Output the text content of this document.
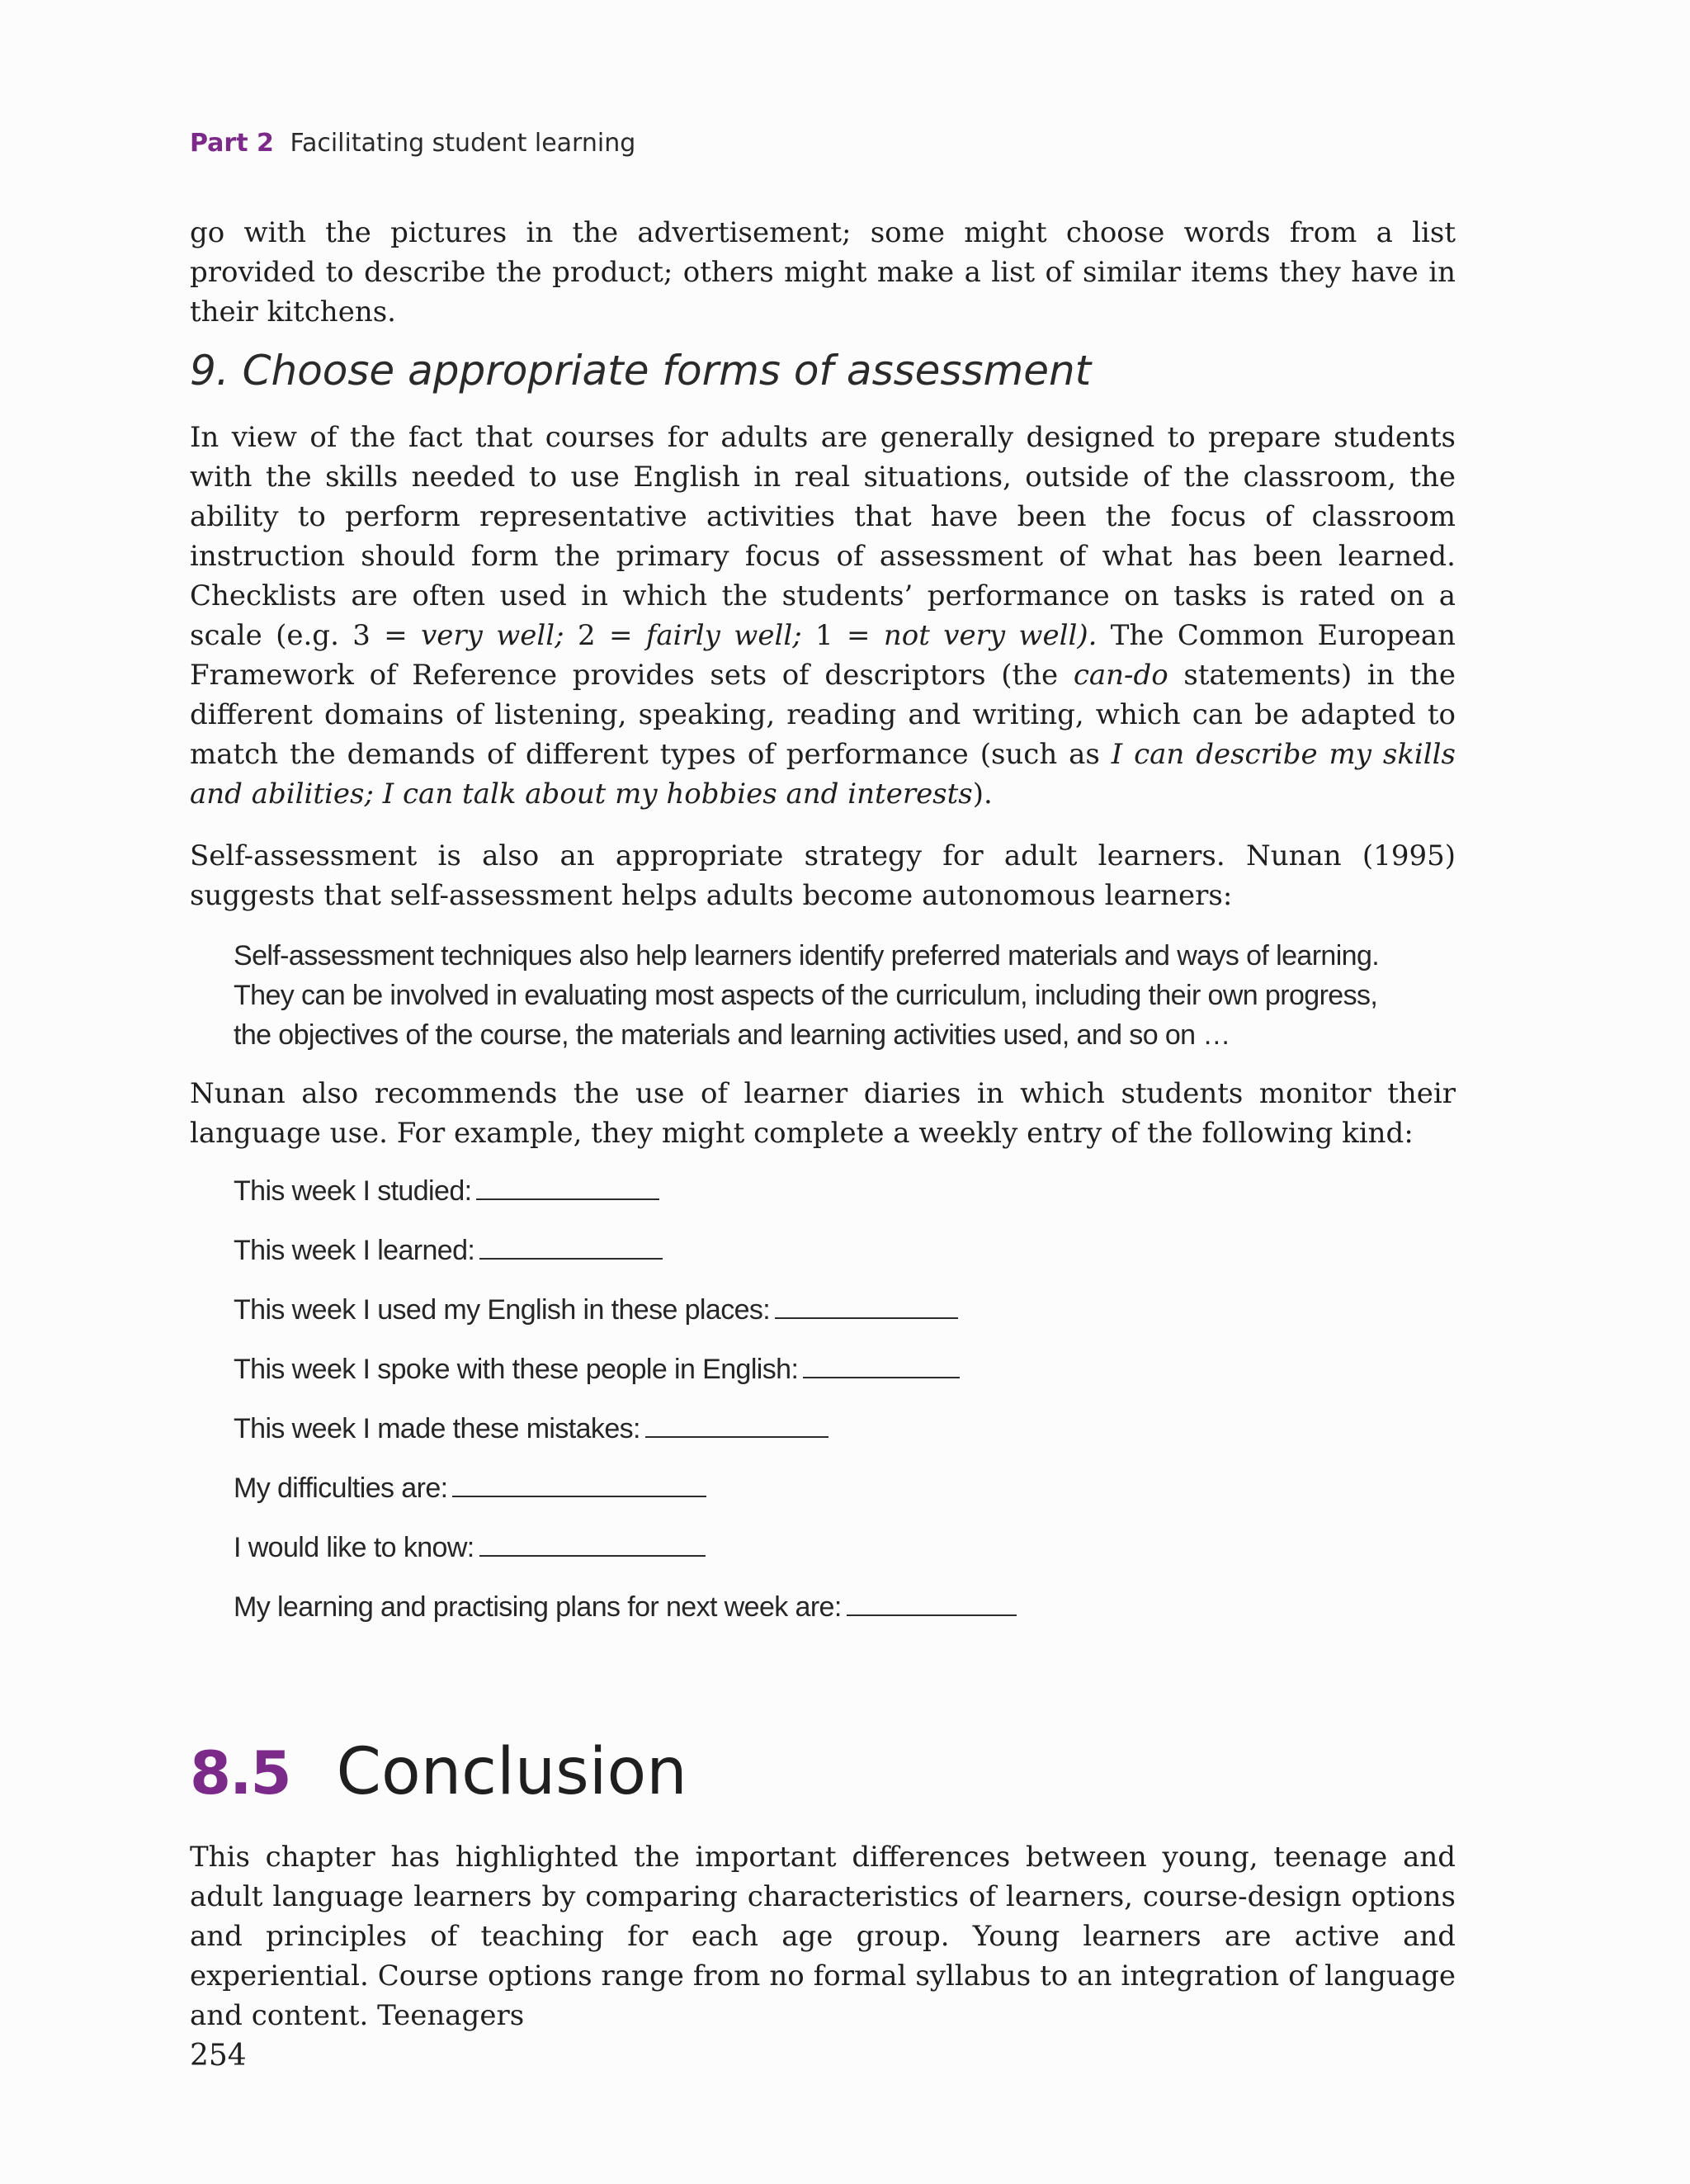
Part 2 Facilitating student learning

go with the pictures in the advertisement; some might choose words from a list provided to describe the product; others might make a list of similar items they have in their kitchens.

9. Choose appropriate forms of assessment

In view of the fact that courses for adults are generally designed to prepare students with the skills needed to use English in real situations, outside of the classroom, the ability to perform representative activities that have been the focus of classroom instruction should form the primary focus of assessment of what has been learned. Checklists are often used in which the students’ performance on tasks is rated on a scale (e.g. 3 = very well; 2 = fairly well; 1 = not very well). The Common European Framework of Reference provides sets of descriptors (the can-do statements) in the different domains of listening, speaking, reading and writing, which can be adapted to match the demands of different types of performance (such as I can describe my skills and abilities; I can talk about my hobbies and interests).

Self-assessment is also an appropriate strategy for adult learners. Nunan (1995) suggests that self-assessment helps adults become autonomous learners:

Self-assessment techniques also help learners identify preferred materials and ways of learning. They can be involved in evaluating most aspects of the curriculum, including their own progress, the objectives of the course, the materials and learning activities used, and so on …

Nunan also recommends the use of learner diaries in which students monitor their language use. For example, they might complete a weekly entry of the following kind:

This week I studied:
This week I learned:
This week I used my English in these places:
This week I spoke with these people in English:
This week I made these mistakes:
My difficulties are:
I would like to know:
My learning and practising plans for next week are:
8.5 Conclusion

This chapter has highlighted the important differences between young, teenage and adult language learners by comparing characteristics of learners, course-design options and principles of teaching for each age group. Young learners are active and experiential. Course options range from no formal syllabus to an integration of language and content. Teenagers

254
